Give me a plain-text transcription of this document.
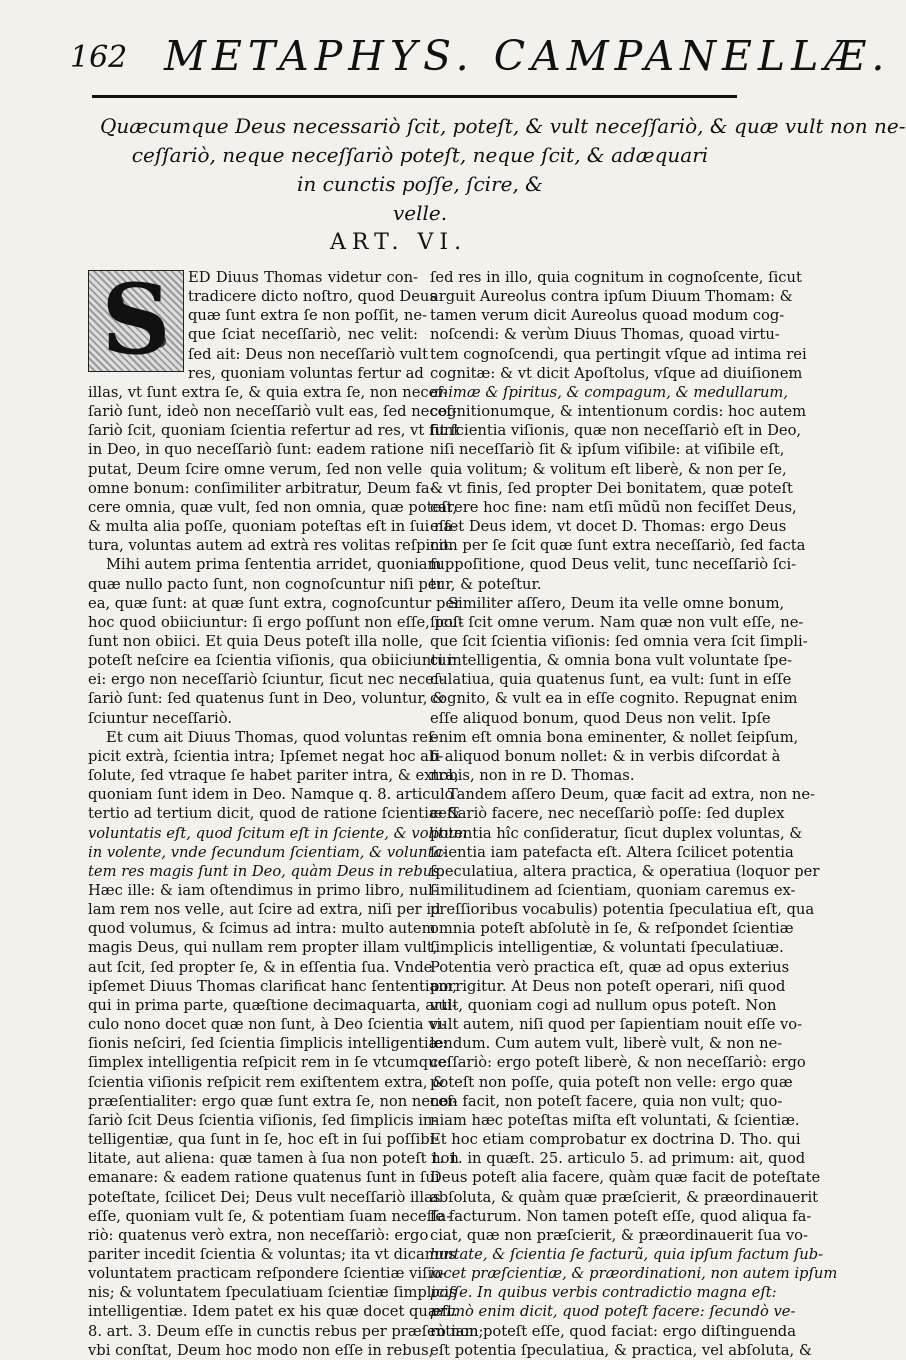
162 METAPHYS. CAMPANELLÆ.
Quæcumque Deus necessariò ſcit, poteſt, & vult neceſſariò, & quæ vult non ne-
ceſſariò, neque neceſſariò poteſt, neque ſcit, & adæquari
in cunctis poſſe, ſcire, &
velle.
ART. VI.
S	ED Diuus Thomas videtur con-
tradicere dicto noſtro, quod Deus
quæ ſunt extra ſe non poſſit, ne-
que ſciat neceſſariò, nec velit:
ſed ait: Deus non neceſſariò vult
res, quoniam voluntas fertur ad
illas, vt ſunt extra ſe, & quia extra ſe, non neceſ-
ſariò ſunt, ideò non neceſſariò vult eas, ſed neceſ-
ſariò ſcit, quoniam ſcientia refertur ad res, vt ſunt
in Deo, in quo neceſſariò ſunt: eadem ratione
putat, Deum ſcire omne verum, ſed non velle
omne bonum: conſimiliter arbitratur, Deum fa-
cere omnia, quæ vult, ſed non omnia, quæ poteſt,
& multa alia poſſe, quoniam poteſtas eſt in ſui na-
tura, voluntas autem ad extrà res volitas reſpicit.
Mihi autem prima ſententia arridet, quoniam
quæ nullo pacto ſunt, non cognoſcuntur niſi per
ea, quæ ſunt: at quæ ſunt extra, cognoſcuntur per
hoc quod obiiciuntur: ſi ergo poſſunt non eſſe, poſ-
ſunt non obiici. Et quia Deus poteſt illa nolle,
poteſt neſcire ea ſcientia viſionis, qua obiiciuntur
ei: ergo non neceſſariò ſciuntur, ſicut nec neceſ-
ſariò ſunt: ſed quatenus ſunt in Deo, voluntur, &
ſciuntur neceſſariò.
Et cum ait Diuus Thomas, quod voluntas reſ-
picit extrà, ſcientia intra; Ipſemet negat hoc ab-
ſolute, ſed vtraque ſe habet pariter intra, & extra,
quoniam ſunt idem in Deo. Namque q. 8. articulo
tertio ad tertium dicit, quod de ratione ſcientiæ &
voluntatis eſt, quod ſcitum eſt in ſciente, & volitum
in volente, vnde ſecundum ſcientiam, & volunta-
tem res magis ſunt in Deo, quàm Deus in rebus.
Hæc ille: & iam oſtendimus in primo libro, nul-
lam rem nos velle, aut ſcire ad extra, niſi per id
quod volumus, & ſcimus ad intra: multo autem
magis Deus, qui nullam rem propter illam vult,
aut ſcit, ſed propter ſe, & in eſſentia ſua. Vnde
ipſemet Diuus Thomas clarificat hanc ſententiam,
qui in prima parte, quæſtione decimaquarta, arti-
culo nono docet quæ non ſunt, à Deo ſcientia vi-
ſionis neſciri, ſed ſcientia ſimplicis intelligentiæ:
ſimplex intelligentia reſpicit rem in ſe vtcumque:
ſcientia viſionis reſpicit rem exiſtentem extra, &
præſentialiter: ergo quæ ſunt extra ſe, non neceſ-
ſariò ſcit Deus ſcientia viſionis, ſed ſimplicis in-
telligentiæ, qua ſunt in ſe, hoc eſt in ſui poſſibi-
litate, aut aliena: quæ tamen à ſua non poteſt non
emanare: & eadem ratione quatenus ſunt in ſui
poteſtate, ſcilicet Dei; Deus vult neceſſariò illas
eſſe, quoniam vult ſe, & potentiam ſuam neceſſa-
riò: quatenus verò extra, non neceſſariò: ergo
pariter incedit ſcientia & voluntas; ita vt dicamus
voluntatem practicam reſpondere ſcientiæ viſio-
nis; & voluntatem ſpeculatiuam ſcientiæ ſimplicis
intelligentiæ. Idem patet ex his quæ docet quæſt.
8. art. 3. Deum eſſe in cunctis rebus per præſentiam;
vbi conſtat, Deum hoc modo non eſſe in rebus,
ſed res in illo, quia cognitum in cognoſcente, ſicut
arguit Aureolus contra ipſum Diuum Thomam: &
tamen verum dicit Aureolus quoad modum cog-
noſcendi: & verùm Diuus Thomas, quoad virtu-
tem cognoſcendi, qua pertingit vſque ad intima rei
cognitæ: & vt dicit Apoſtolus, vſque ad diuiſionem
animæ & ſpiritus, & compagum, & medullarum,
cognitionumque, & intentionum cordis: hoc autem
fit ſcientia viſionis, quæ non neceſſariò eſt in Deo,
niſi neceſſariò ſit & ipſum viſibile: at viſibile eſt,
quia volitum; & volitum eſt liberè, & non per ſe,
& vt finis, ſed propter Dei bonitatem, quæ poteſt
carere hoc fine: nam etſi mũdũ non feciſſet Deus,
eſſet Deus idem, vt docet D. Thomas: ergo Deus
non per ſe ſcit quæ ſunt extra neceſſariò, ſed facta
ſuppoſitione, quod Deus velit, tunc neceſſariò ſci-
tur, & poteſtur.
Similiter aſſero, Deum ita velle omne bonum,
ſicut ſcit omne verum. Nam quæ non vult eſſe, ne-
que ſcit ſcientia viſionis: ſed omnia vera ſcit ſimpli-
ci intelligentia, & omnia bona vult voluntate ſpe-
culatiua, quia quatenus ſunt, ea vult: ſunt in eſſe
cognito, & vult ea in eſſe cognito. Repugnat enim
eſſe aliquod bonum, quod Deus non velit. Ipſe
enim eſt omnia bona eminenter, & nollet ſeipſum,
ſi aliquod bonum nollet: & in verbis diſcordat à
nobis, non in re D. Thomas.
Tandem aſſero Deum, quæ facit ad extra, non ne-
ceſſariò facere, nec neceſſariò poſſe: ſed duplex
potentia hîc conſideratur, ſicut duplex voluntas, &
ſcientia iam patefacta eſt. Altera ſcilicet potentia
ſpeculatiua, altera practica, & operatiua (loquor per
ſimilitudinem ad ſcientiam, quoniam caremus ex-
preſſioribus vocabulis) potentia ſpeculatiua eſt, qua
omnia poteſt abſolutè in ſe, & reſpondet ſcientiæ
ſimplicis intelligentiæ, & voluntati ſpeculatiuæ.
Potentia verò practica eſt, quæ ad opus exterius
porrigitur. At Deus non poteſt operari, niſi quod
vult, quoniam cogi ad nullum opus poteſt. Non
vult autem, niſi quod per ſapientiam nouit eſſe vo-
lendum. Cum autem vult, liberè vult, & non ne-
ceſſariò: ergo poteſt liberè, & non neceſſariò: ergo
poteſt non poſſe, quia poteſt non velle: ergo quæ
non facit, non poteſt facere, quia non vult; quo-
niam hæc poteſtas miſta eſt voluntati, & ſcientiæ.
Et hoc etiam comprobatur ex doctrina D. Tho. qui
1. 1. in quæſt. 25. articulo 5. ad primum: ait, quod
Deus poteſt alia facere, quàm quæ facit de poteſtate
abſoluta, & quàm quæ præſcierit, & præordinauerit
ſe facturum. Non tamen poteſt eſſe, quod aliqua fa-
ciat, quæ non præſcierit, & præordinauerit ſua vo-
luntate, & ſcientia ſe facturũ, quia ipſum factum ſub-
iacet præſcientiæ, & præordinationi, non autem ipſum
poſſe. In quibus verbis contradictio magna eſt:
primò enim dicit, quod poteſt facere: ſecundò ve-
rò non poteſt eſſe, quod faciat: ergo diſtinguenda
eſt potentia ſpeculatiua, & practica, vel abſoluta, &
